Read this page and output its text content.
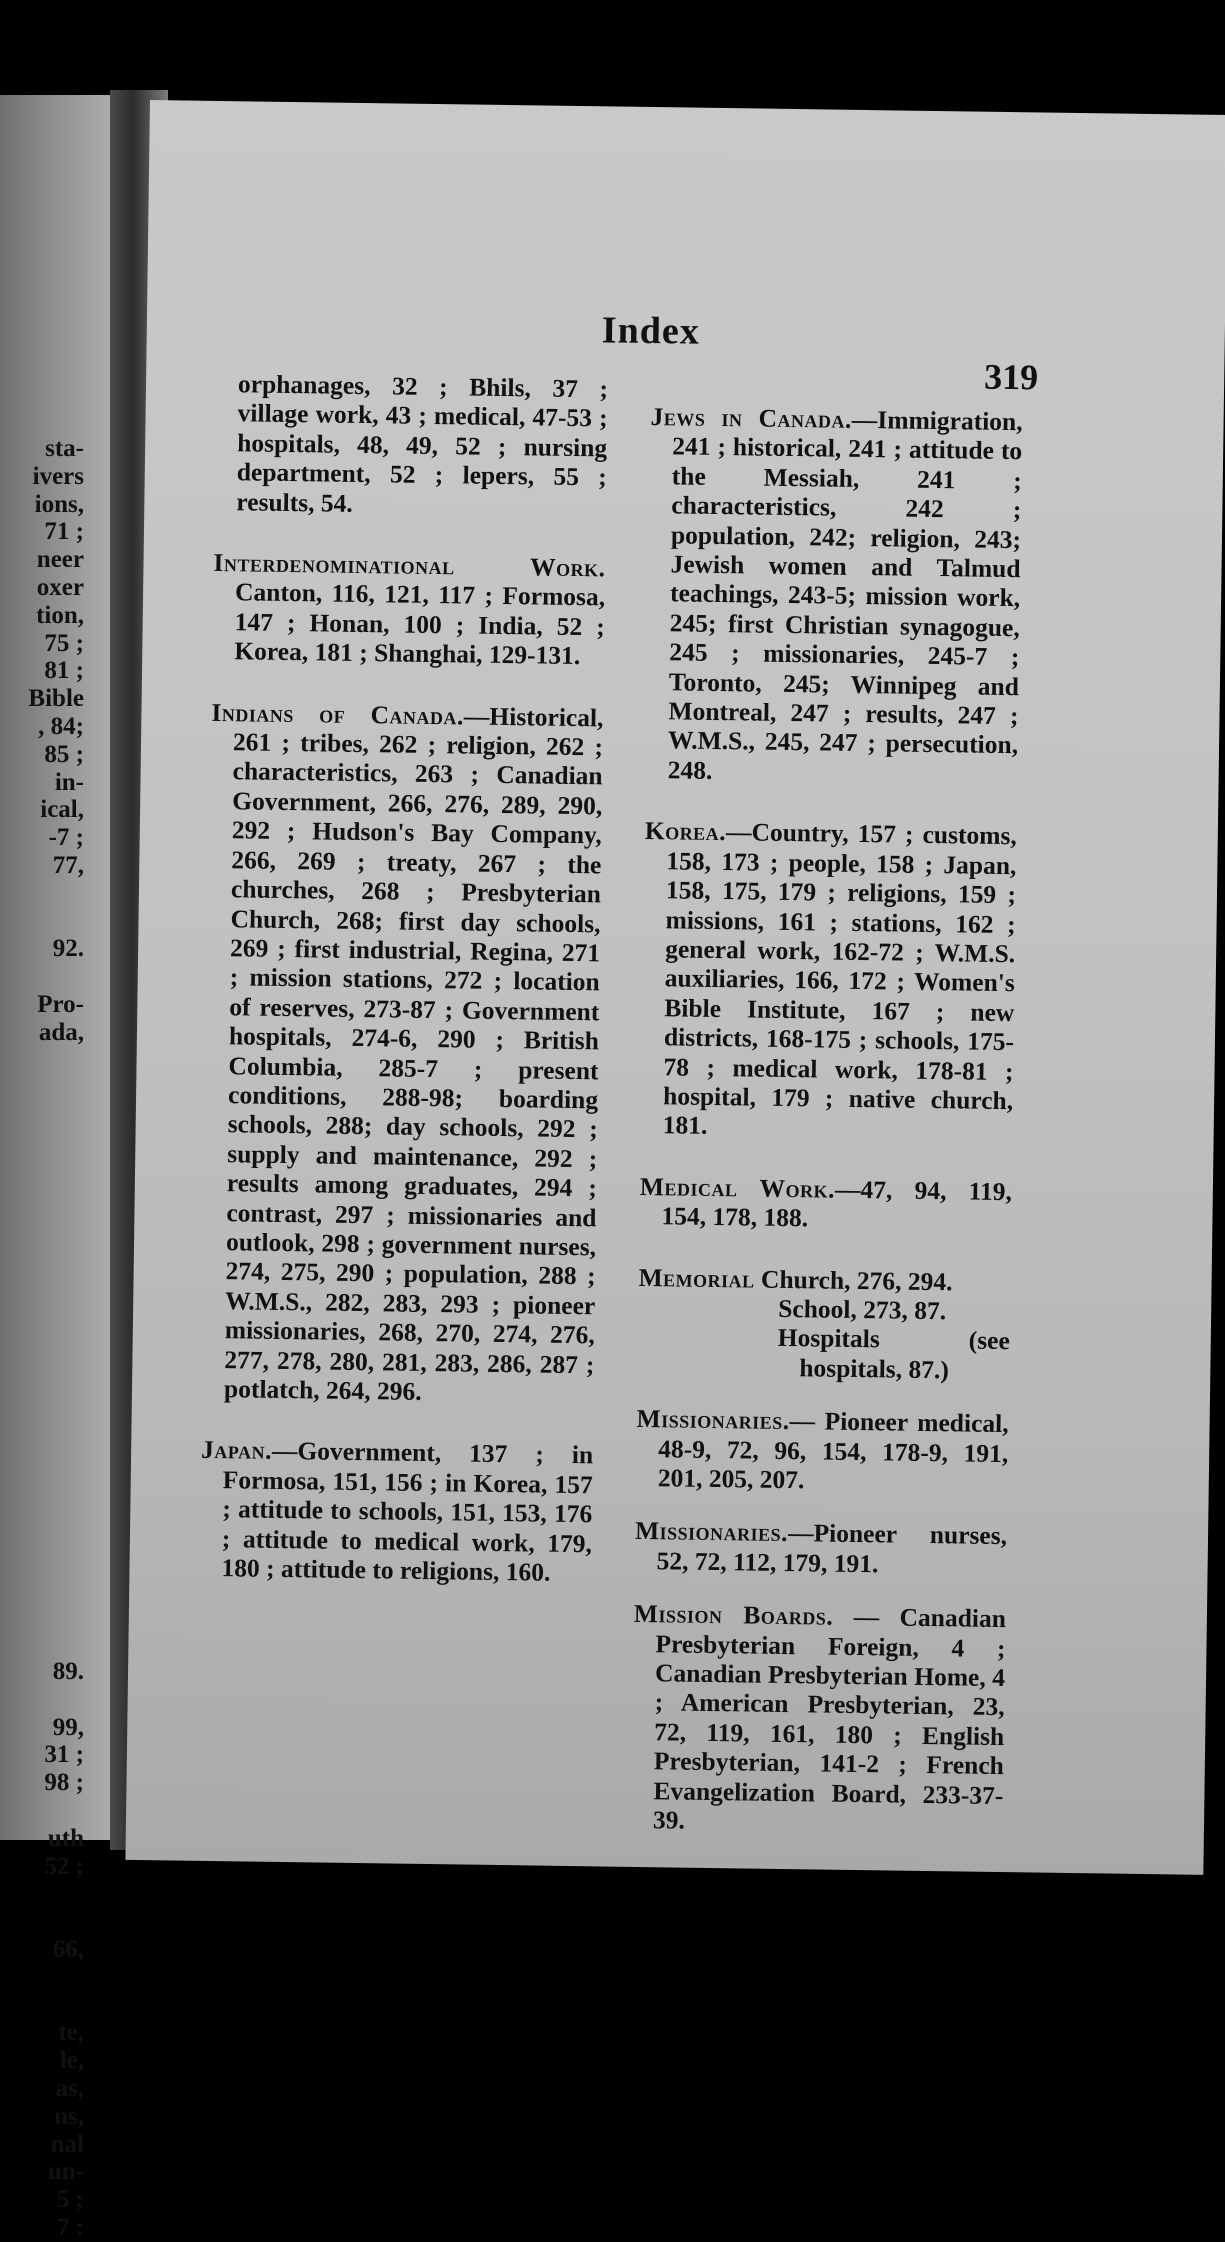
sta-
ivers
ions,
71 ;
neer
oxer
tion,
75 ;
81 ;
Bible
, 84;
85 ;
in-
ical,
-7 ;
77,

92.

Pro-
ada,

89.

99,
31 ;
98 ;

uth
52 ;

66,

te,
le,
as,
ns,
nal
un-
5 ;
7 :
Index
319

orphanages, 32 ; Bhils, 37 ; village work, 43 ; medical, 47-53 ; hospitals, 48, 49, 52 ; nursing department, 52 ; lepers, 55 ; results, 54.

Interdenominational Work. Canton, 116, 121, 117 ; Formosa, 147 ; Honan, 100 ; India, 52 ; Korea, 181 ; Shanghai, 129-131.

Indians of Canada.—Historical, 261 ; tribes, 262 ; religion, 262 ; characteristics, 263 ; Canadian Government, 266, 276, 289, 290, 292 ; Hudson's Bay Company, 266, 269 ; treaty, 267 ; the churches, 268 ; Presbyterian Church, 268; first day schools, 269 ; first industrial, Regina, 271 ; mission stations, 272 ; location of reserves, 273-87 ; Government hospitals, 274-6, 290 ; British Columbia, 285-7 ; present conditions, 288-98; boarding schools, 288; day schools, 292 ; supply and maintenance, 292 ; results among graduates, 294 ; contrast, 297 ; missionaries and outlook, 298 ; government nurses, 274, 275, 290 ; population, 288 ; W.M.S., 282, 283, 293 ; pioneer missionaries, 268, 270, 274, 276, 277, 278, 280, 281, 283, 286, 287 ; potlatch, 264, 296.

Japan.—Government, 137 ; in Formosa, 151, 156 ; in Korea, 157 ; attitude to schools, 151, 153, 176 ; attitude to medical work, 179, 180 ; attitude to religions, 160.

Jews in Canada.—Immigration, 241 ; historical, 241 ; attitude to the Messiah, 241 ; characteristics, 242 ; population, 242; religion, 243; Jewish women and Talmud teachings, 243-5; mission work, 245; first Christian synagogue, 245 ; missionaries, 245-7 ; Toronto, 245; Winnipeg and Montreal, 247 ; results, 247 ; W.M.S., 245, 247 ; persecution, 248.

Korea.—Country, 157 ; customs, 158, 173 ; people, 158 ; Japan, 158, 175, 179 ; religions, 159 ; missions, 161 ; stations, 162 ; general work, 162-72 ; W.M.S. auxiliaries, 166, 172 ; Women's Bible Institute, 167 ; new districts, 168-175 ; schools, 175-78 ; medical work, 178-81 ; hospital, 179 ; native church, 181.

Medical Work.—47, 94, 119, 154, 178, 188.

Memorial Church, 276, 294.
School, 273, 87.
Hospitals (see hospitals, 87.)

Missionaries.— Pioneer medical, 48-9, 72, 96, 154, 178-9, 191, 201, 205, 207.

Missionaries.—Pioneer nurses, 52, 72, 112, 179, 191.

Mission Boards. — Canadian Presbyterian Foreign, 4 ; Canadian Presbyterian Home, 4 ; American Presbyterian, 23, 72, 119, 161, 180 ; English Presbyterian, 141-2 ; French Evangelization Board, 233-37-39.
